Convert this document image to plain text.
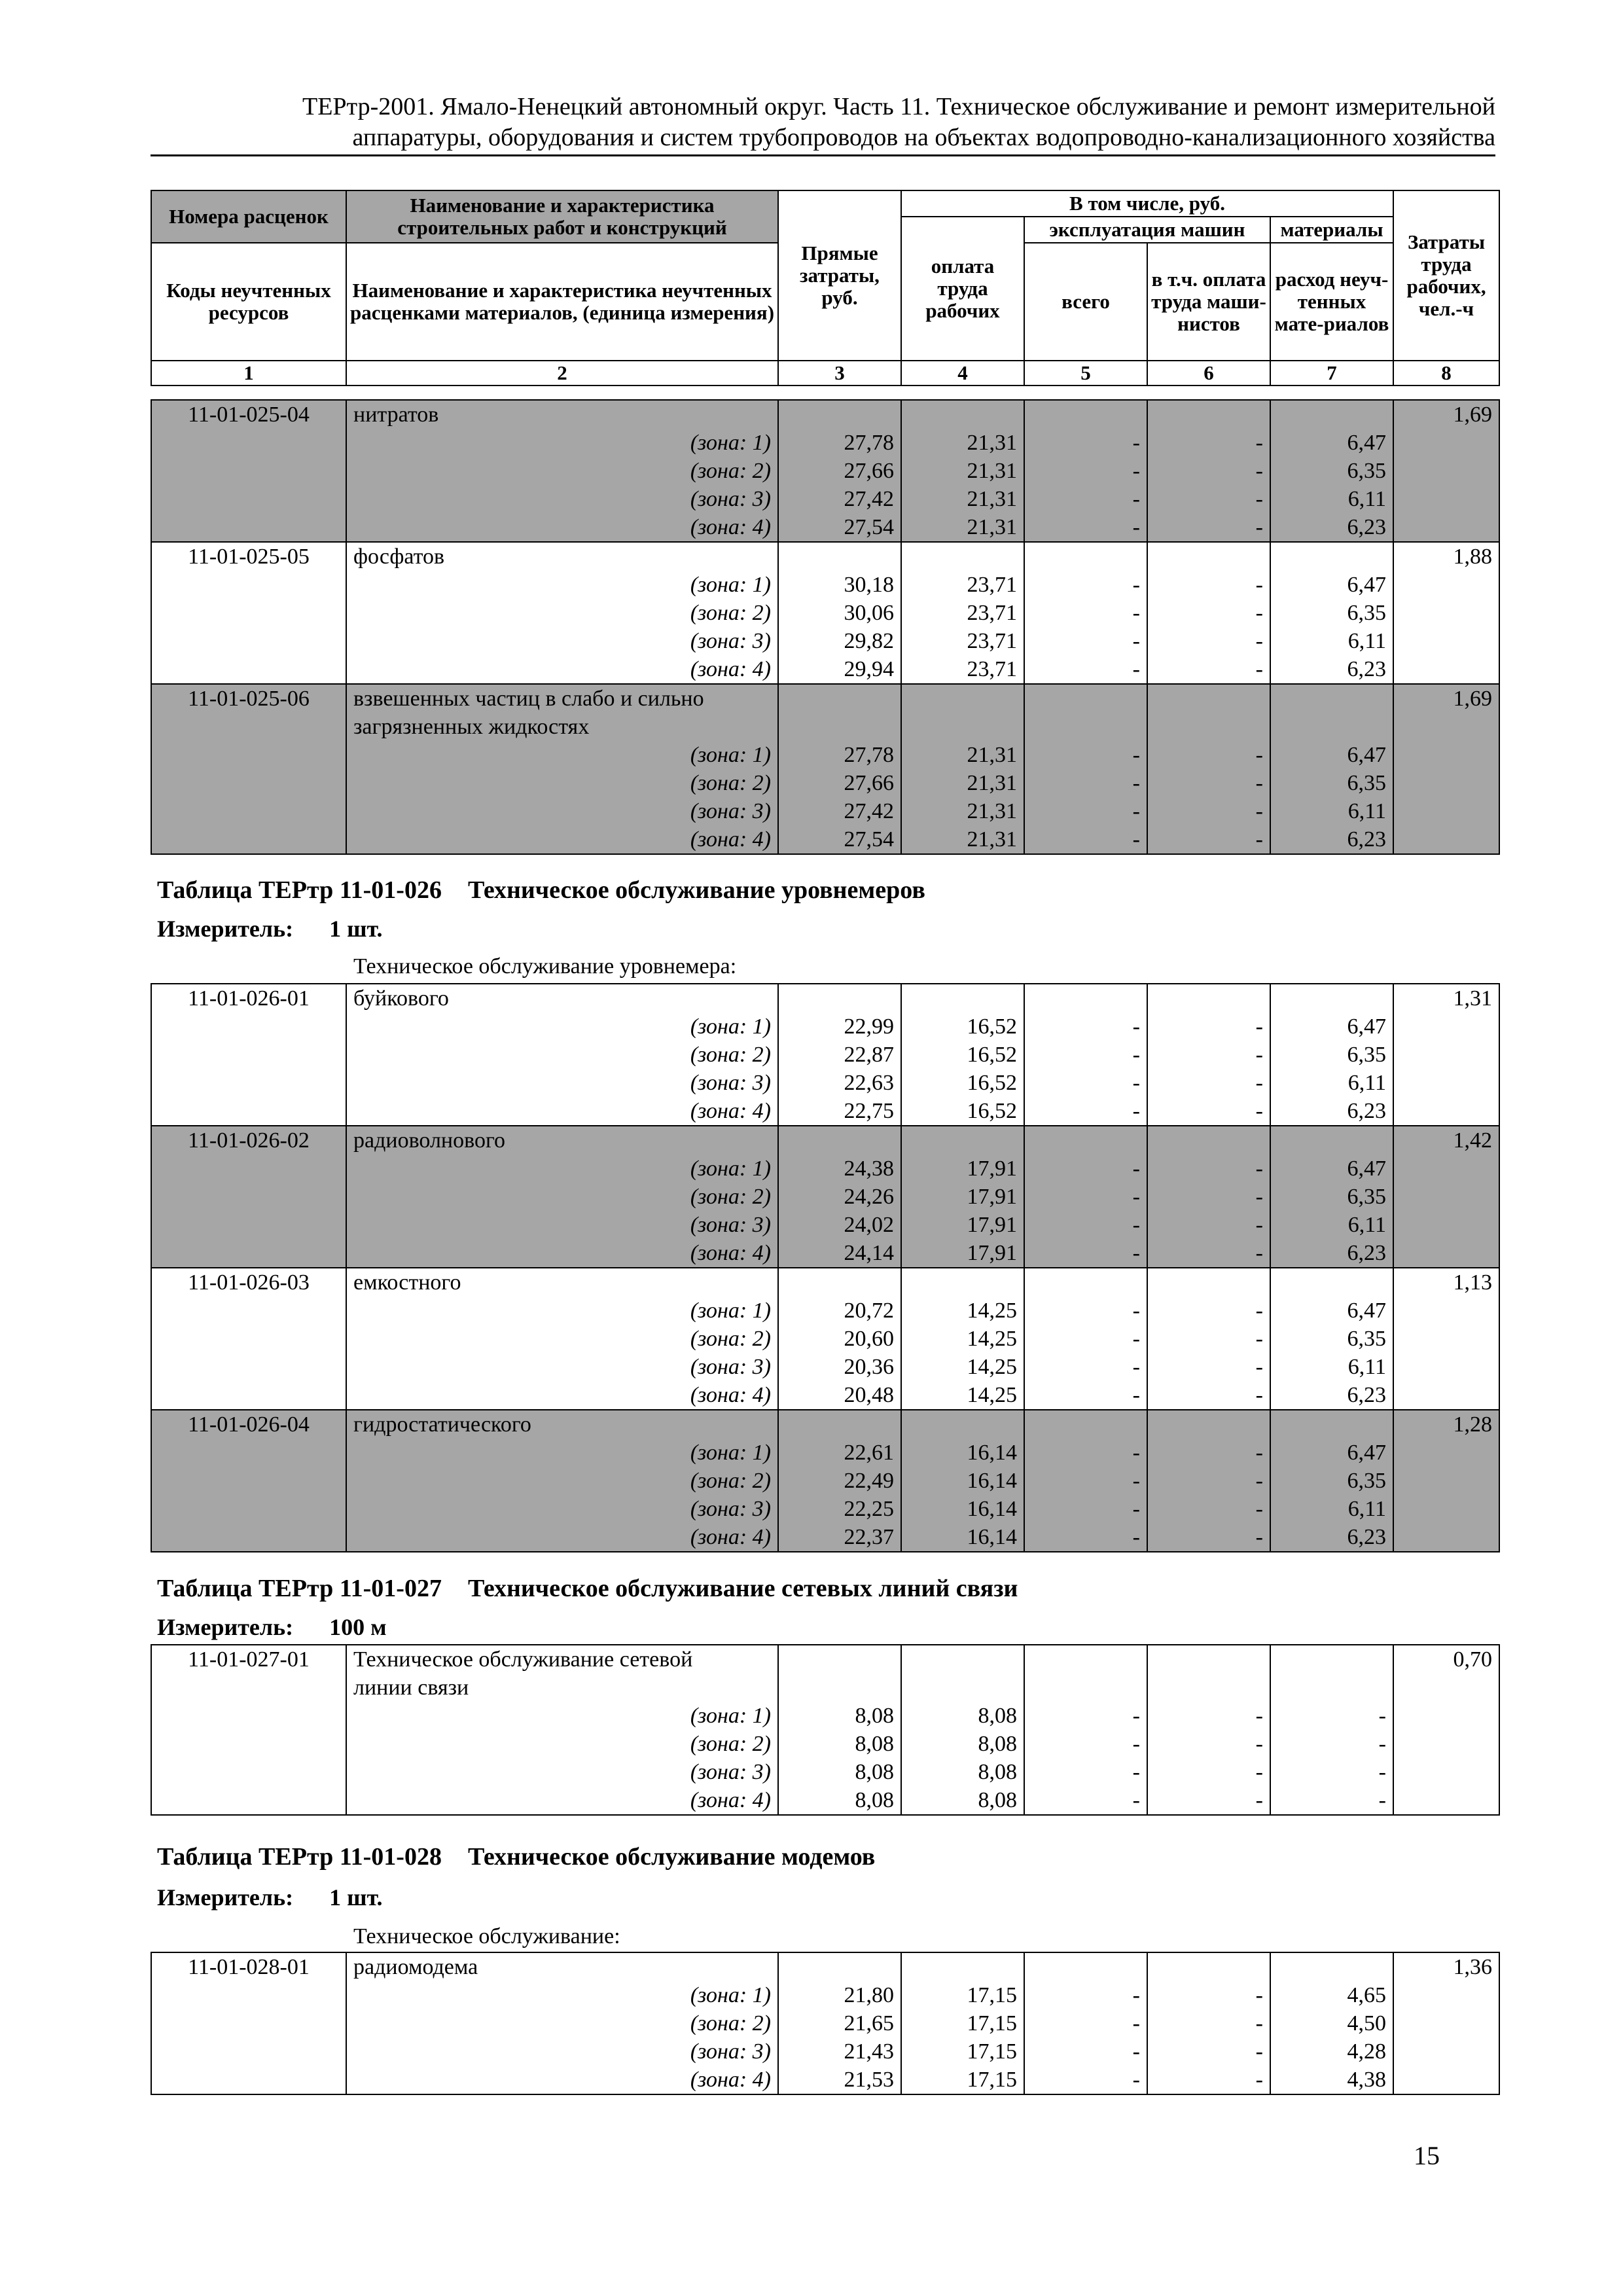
ТЕРтр-2001. Ямало-Ненецкий автономный округ. Часть 11. Техническое обслуживание и ремонт измерительной
аппаратуры, оборудования и систем трубопроводов на объектах водопроводно-канализационного хозяйства
Номера расценок	Наименование и характеристика строительных работ и конструкций	Прямые затраты, руб.	В том числе, руб.				Затраты труда рабочих, чел.-ч
			оплата труда рабочих	эксплуатация машин		материалы	
Коды неучтенных ресурсов	Наименование и характеристика неучтенных расценками материалов, (единица измерения)			всего	в т.ч. оплата труда маши-нистов	расход неуч-тенных мате-риалов	

1	2	3	4	5	6	7	8
11-01-025-04	нитратов						1,69
	(зона: 1)	27,78	21,31	-	-	6,47	
	(зона: 2)	27,66	21,31	-	-	6,35	
	(зона: 3)	27,42	21,31	-	-	6,11	
	(зона: 4)	27,54	21,31	-	-	6,23	
11-01-025-05	фосфатов						1,88
	(зона: 1)	30,18	23,71	-	-	6,47	
	(зона: 2)	30,06	23,71	-	-	6,35	
	(зона: 3)	29,82	23,71	-	-	6,11	
	(зона: 4)	29,94	23,71	-	-	6,23	
11-01-025-06	взвешенных частиц в слабо и сильно
загрязненных жидкостях						1,69
	(зона: 1)	27,78	21,31	-	-	6,47	
	(зона: 2)	27,66	21,31	-	-	6,35	
	(зона: 3)	27,42	21,31	-	-	6,11	
	(зона: 4)	27,54	21,31	-	-	6,23	
Таблица ТЕРтр 11-01-026 Техническое обслуживание уровнемеров
Измеритель: 1 шт.
Техническое обслуживание уровнемера:
11-01-026-01	буйкового						1,31
	(зона: 1)	22,99	16,52	-	-	6,47	
	(зона: 2)	22,87	16,52	-	-	6,35	
	(зона: 3)	22,63	16,52	-	-	6,11	
	(зона: 4)	22,75	16,52	-	-	6,23	
11-01-026-02	радиоволнового						1,42
	(зона: 1)	24,38	17,91	-	-	6,47	
	(зона: 2)	24,26	17,91	-	-	6,35	
	(зона: 3)	24,02	17,91	-	-	6,11	
	(зона: 4)	24,14	17,91	-	-	6,23	
11-01-026-03	емкостного						1,13
	(зона: 1)	20,72	14,25	-	-	6,47	
	(зона: 2)	20,60	14,25	-	-	6,35	
	(зона: 3)	20,36	14,25	-	-	6,11	
	(зона: 4)	20,48	14,25	-	-	6,23	
11-01-026-04	гидростатического						1,28
	(зона: 1)	22,61	16,14	-	-	6,47	
	(зона: 2)	22,49	16,14	-	-	6,35	
	(зона: 3)	22,25	16,14	-	-	6,11	
	(зона: 4)	22,37	16,14	-	-	6,23	
Таблица ТЕРтр 11-01-027 Техническое обслуживание сетевых линий связи
Измеритель: 100 м
11-01-027-01	Техническое обслуживание сетевой
линии связи						0,70
	(зона: 1)	8,08	8,08	-	-	-	
	(зона: 2)	8,08	8,08	-	-	-	
	(зона: 3)	8,08	8,08	-	-	-	
	(зона: 4)	8,08	8,08	-	-	-	
Таблица ТЕРтр 11-01-028 Техническое обслуживание модемов
Измеритель: 1 шт.
Техническое обслуживание:
11-01-028-01	радиомодема						1,36
	(зона: 1)	21,80	17,15	-	-	4,65	
	(зона: 2)	21,65	17,15	-	-	4,50	
	(зона: 3)	21,43	17,15	-	-	4,28	
	(зона: 4)	21,53	17,15	-	-	4,38	
15
